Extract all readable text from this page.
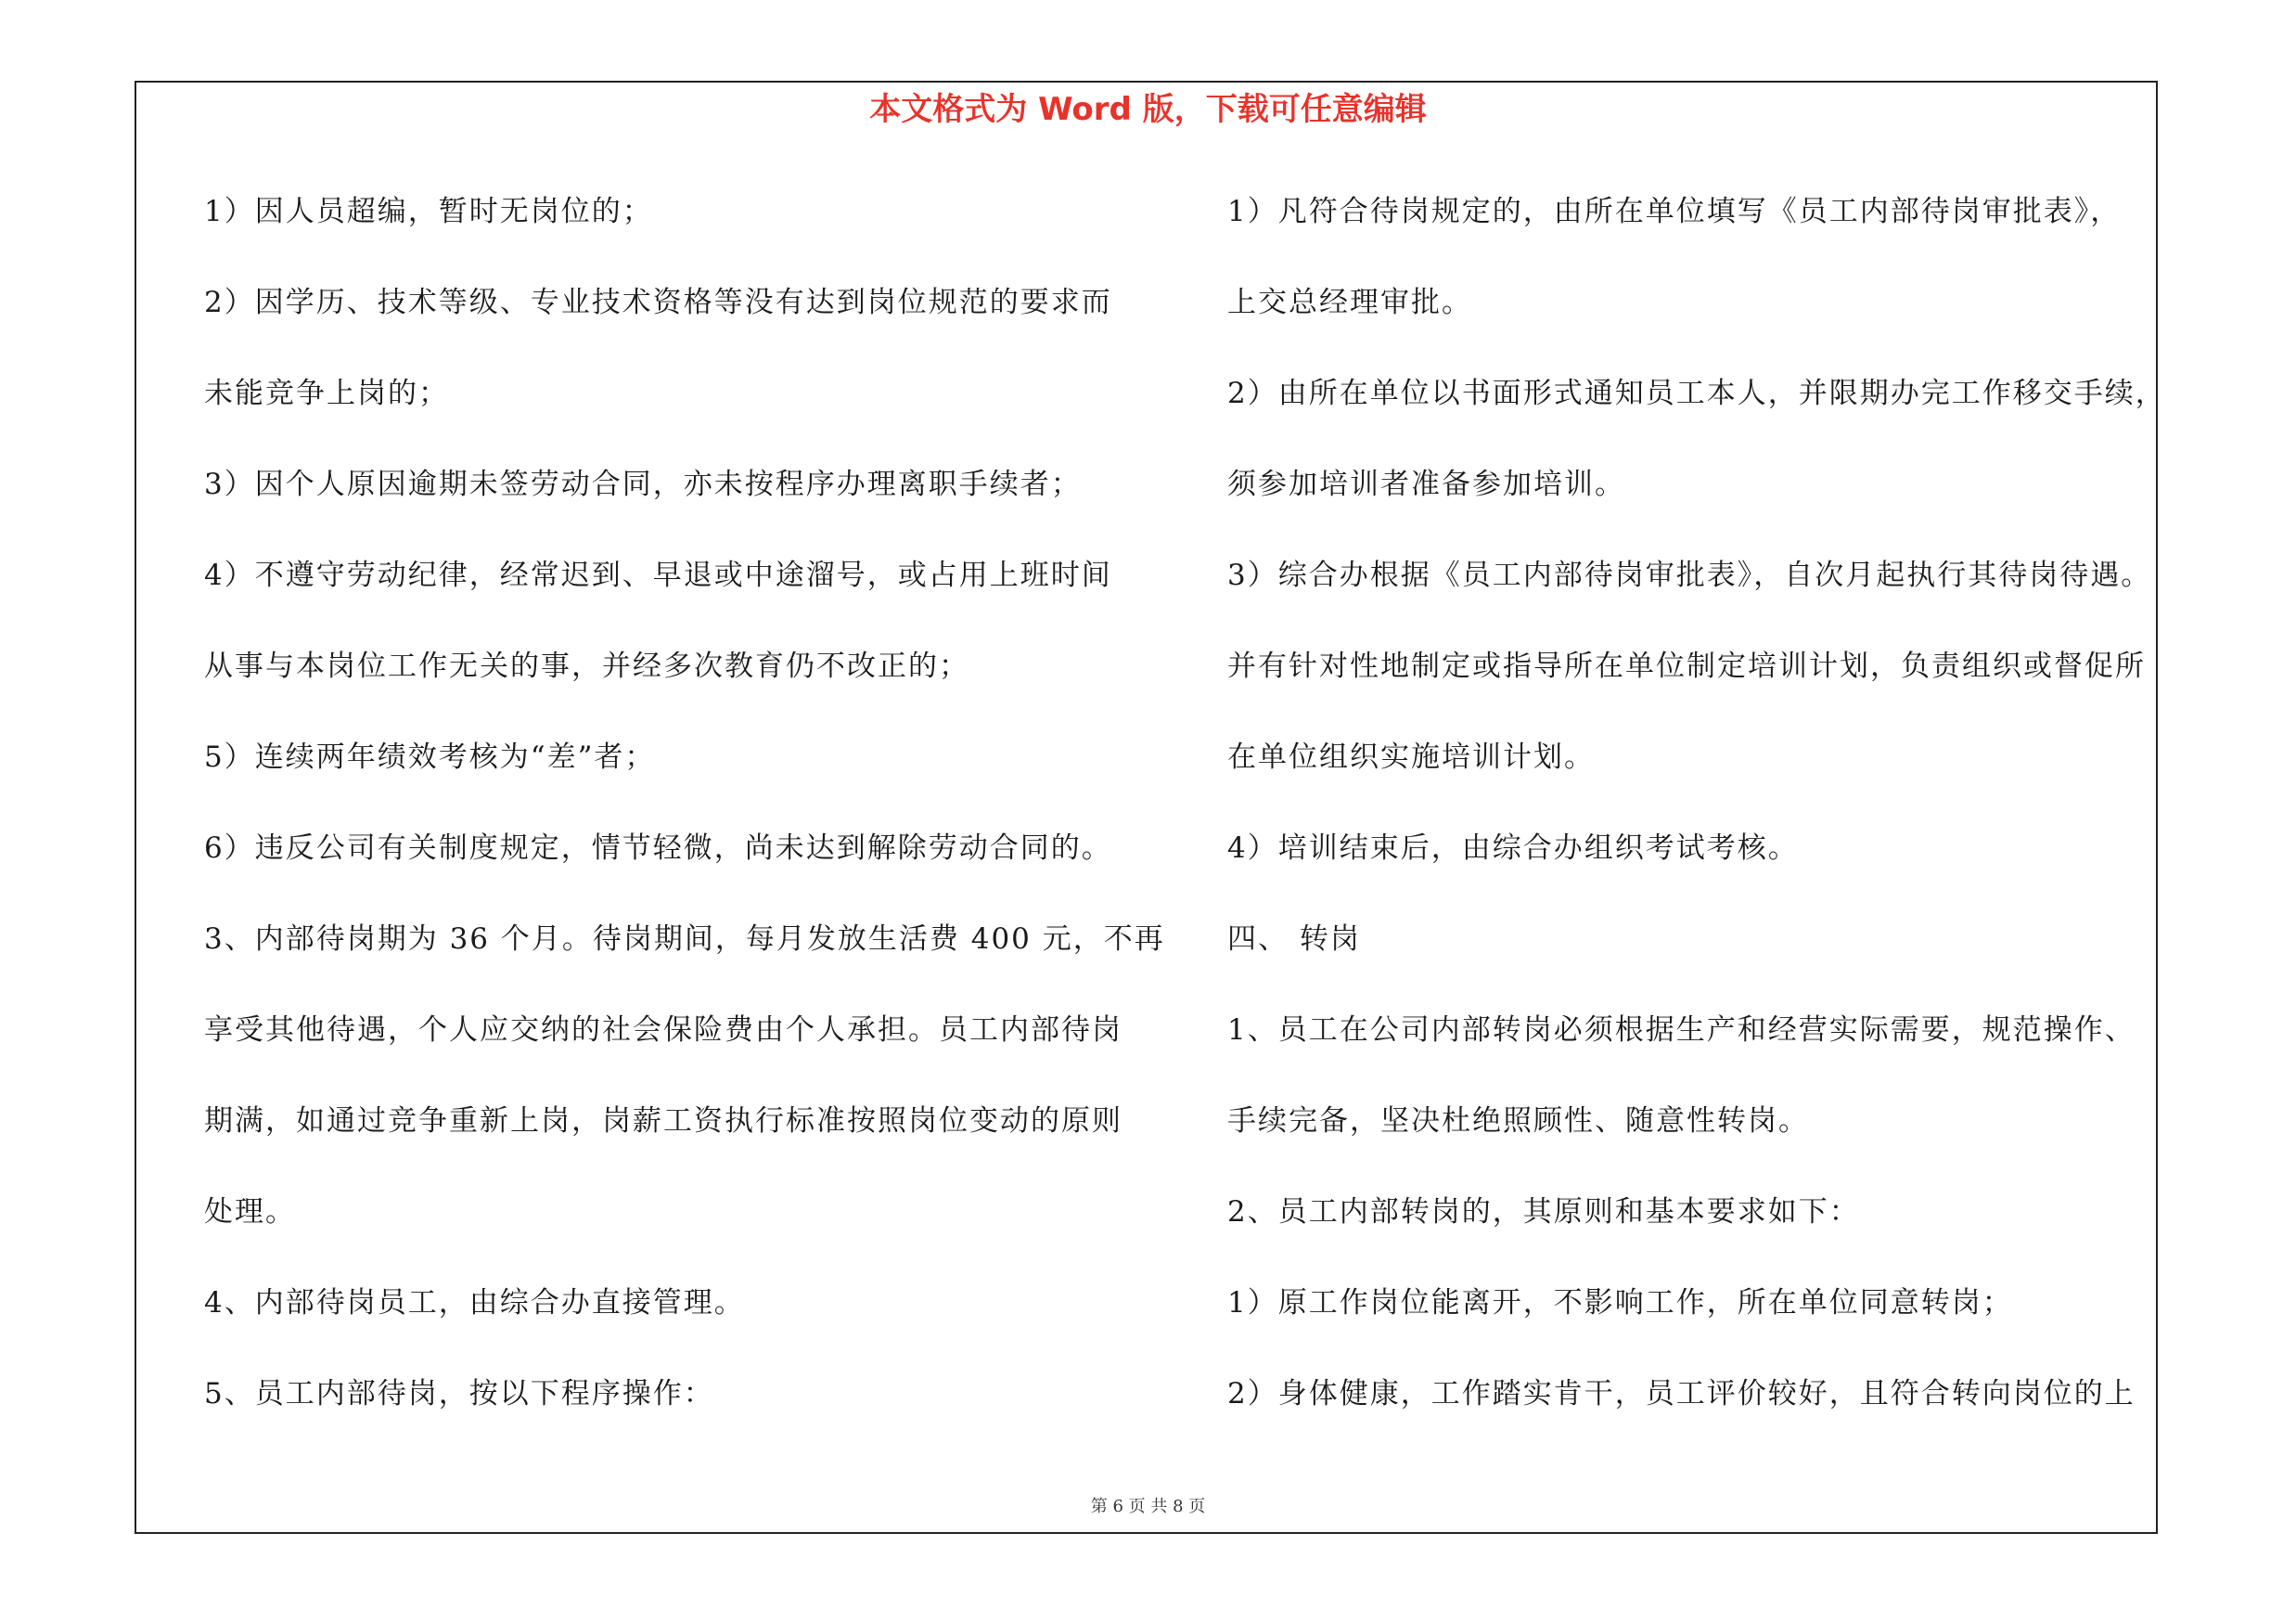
本文格式为 Word 版，下载可任意编辑
1）因人员超编，暂时无岗位的；
2）因学历、技术等级、专业技术资格等没有达到岗位规范的要求而
未能竞争上岗的；
3）因个人原因逾期未签劳动合同，亦未按程序办理离职手续者；
4）不遵守劳动纪律，经常迟到、早退或中途溜号，或占用上班时间
从事与本岗位工作无关的事，并经多次教育仍不改正的；
5）连续两年绩效考核为“差”者；
6）违反公司有关制度规定，情节轻微，尚未达到解除劳动合同的。
3、内部待岗期为 36 个月。待岗期间，每月发放生活费 400 元，不再
享受其他待遇，个人应交纳的社会保险费由个人承担。员工内部待岗
期满，如通过竞争重新上岗，岗薪工资执行标准按照岗位变动的原则
处理。
4、内部待岗员工，由综合办直接管理。
5、员工内部待岗，按以下程序操作：
1）凡符合待岗规定的，由所在单位填写《员工内部待岗审批表》，
上交总经理审批。
2）由所在单位以书面形式通知员工本人，并限期办完工作移交手续，
须参加培训者准备参加培训。
3）综合办根据《员工内部待岗审批表》，自次月起执行其待岗待遇。
并有针对性地制定或指导所在单位制定培训计划，负责组织或督促所
在单位组织实施培训计划。
4）培训结束后，由综合办组织考试考核。
四、 转岗
1、员工在公司内部转岗必须根据生产和经营实际需要，规范操作、
手续完备，坚决杜绝照顾性、随意性转岗。
2、员工内部转岗的，其原则和基本要求如下：
1）原工作岗位能离开，不影响工作，所在单位同意转岗；
2）身体健康，工作踏实肯干，员工评价较好，且符合转向岗位的上
第 6 页 共 8 页
